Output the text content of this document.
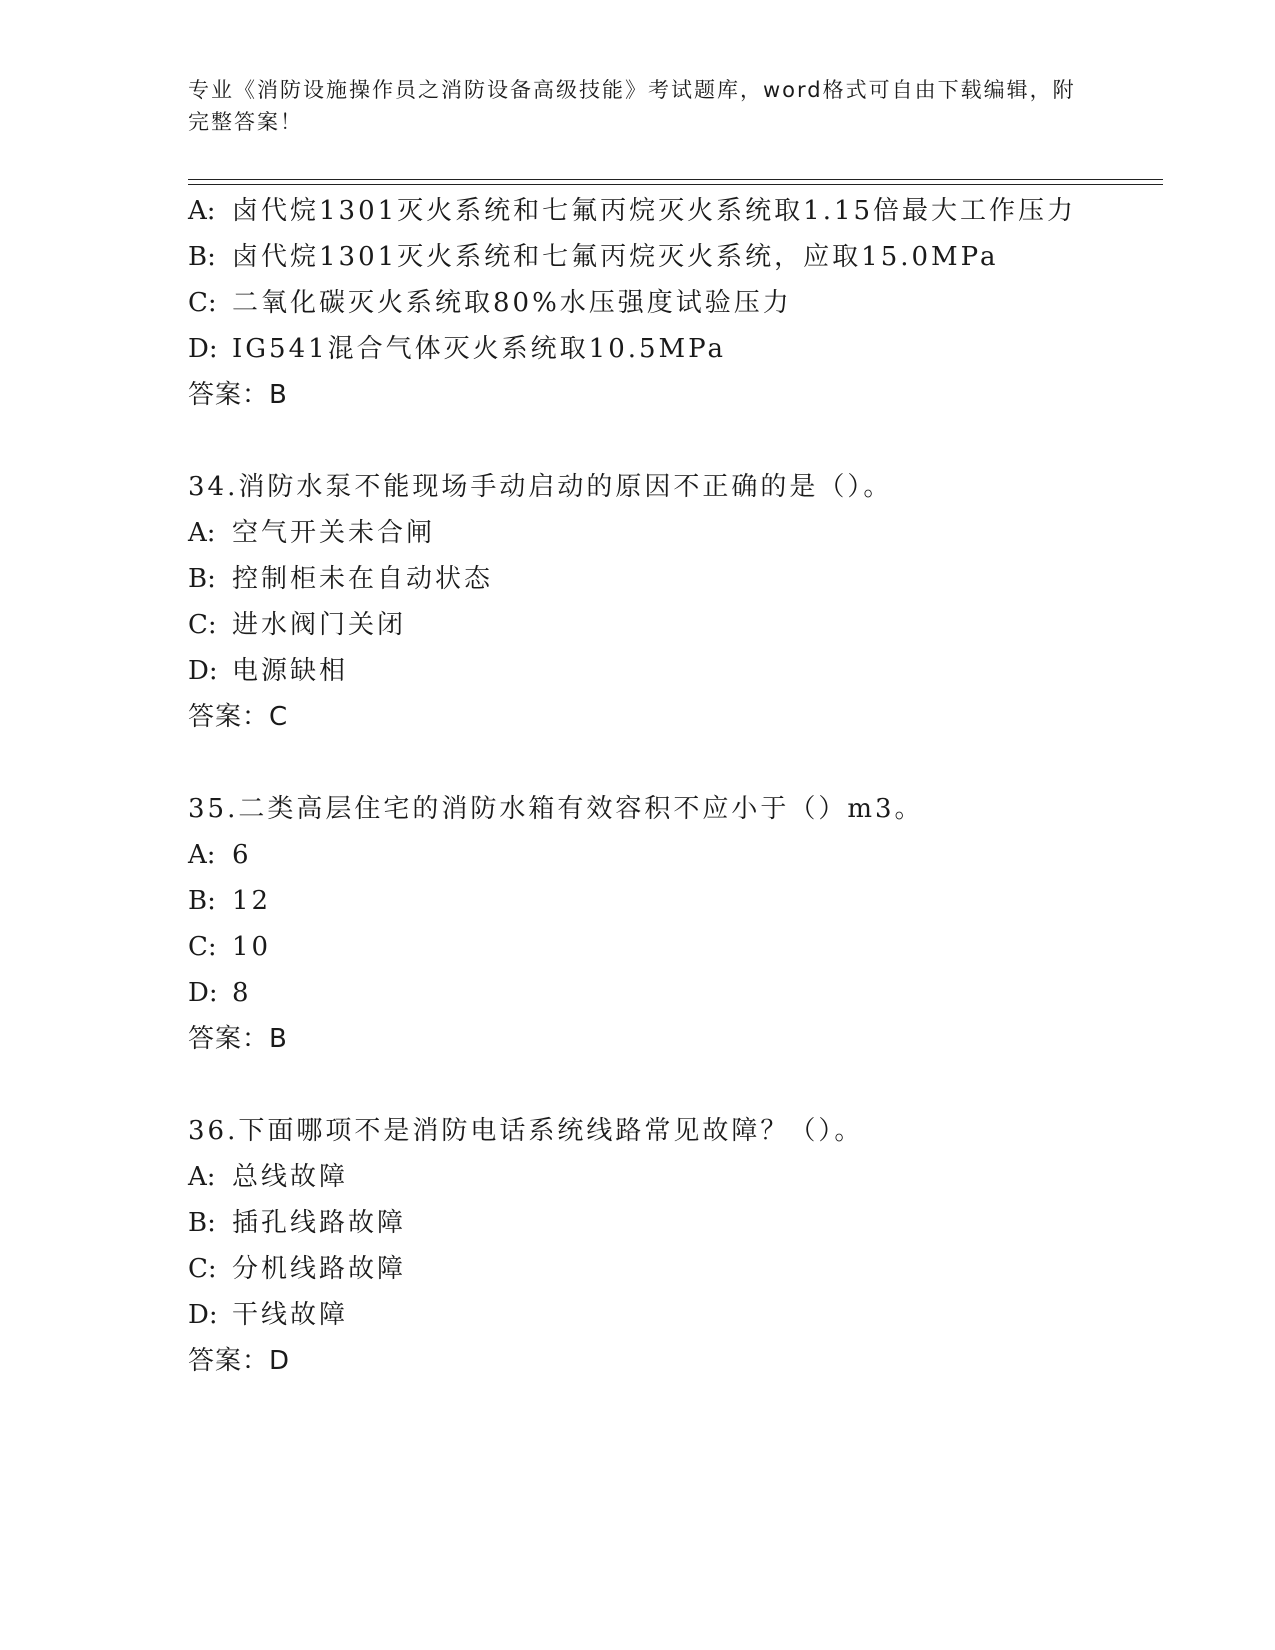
专业《消防设施操作员之消防设备高级技能》考试题库，word格式可自由下载编辑，附完整答案！
A: 卤代烷1301灭火系统和七氟丙烷灭火系统取1.15倍最大工作压力
B: 卤代烷1301灭火系统和七氟丙烷灭火系统，应取15.0MPa
C: 二氧化碳灭火系统取80%水压强度试验压力
D: IG541混合气体灭火系统取10.5MPa
答案：B
34.消防水泵不能现场手动启动的原因不正确的是（）。
A: 空气开关未合闸
B: 控制柜未在自动状态
C: 进水阀门关闭
D: 电源缺相
答案：C
35.二类高层住宅的消防水箱有效容积不应小于（）m3。
A: 6
B: 12
C: 10
D: 8
答案：B
36.下面哪项不是消防电话系统线路常见故障？（）。
A: 总线故障
B: 插孔线路故障
C: 分机线路故障
D: 干线故障
答案：D
